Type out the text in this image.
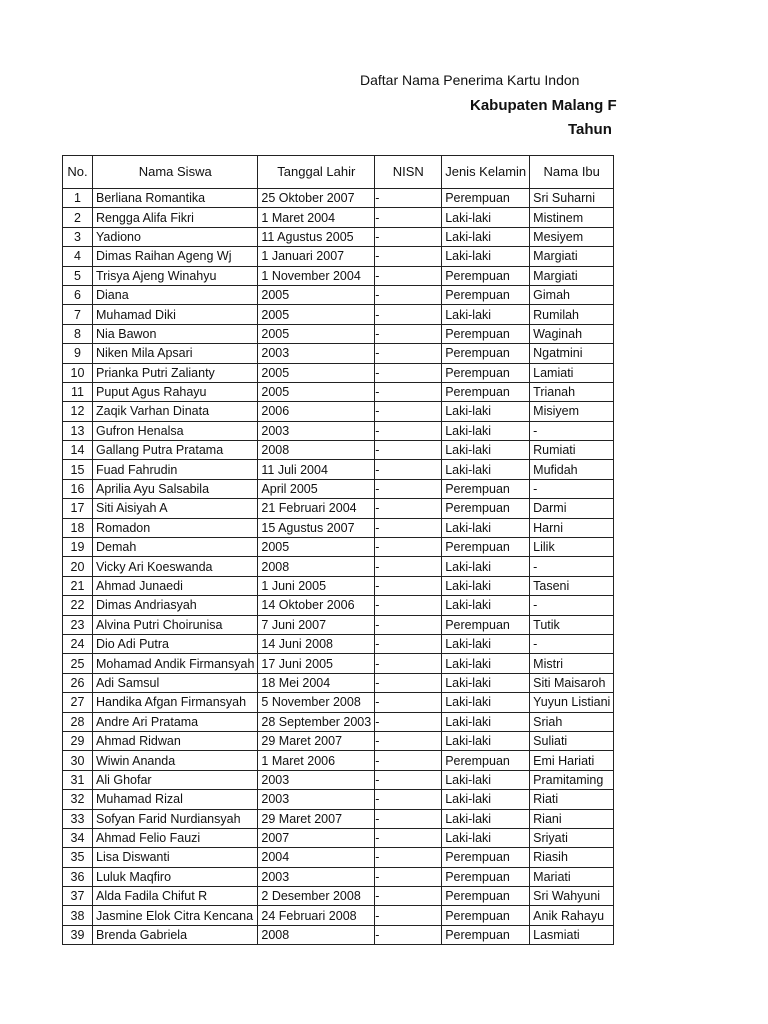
Daftar Nama Penerima Kartu Indon
Kabupaten Malang F
Tahun
No.	Nama Siswa	Tanggal Lahir	NISN	Jenis Kelamin	Nama Ibu
1	Berliana Romantika	25 Oktober 2007	-	Perempuan	Sri Suharni
2	Rengga Alifa Fikri	1 Maret 2004	-	Laki-laki	Mistinem
3	Yadiono	11 Agustus 2005	-	Laki-laki	Mesiyem
4	Dimas Raihan Ageng Wj	1 Januari 2007	-	Laki-laki	Margiati
5	Trisya Ajeng Winahyu	1 November 2004	-	Perempuan	Margiati
6	Diana	2005	-	Perempuan	Gimah
7	Muhamad Diki	2005	-	Laki-laki	Rumilah
8	Nia Bawon	2005	-	Perempuan	Waginah
9	Niken Mila Apsari	2003	-	Perempuan	Ngatmini
10	Prianka Putri Zalianty	2005	-	Perempuan	Lamiati
11	Puput Agus Rahayu	2005	-	Perempuan	Trianah
12	Zaqik Varhan Dinata	2006	-	Laki-laki	Misiyem
13	Gufron Henalsa	2003	-	Laki-laki	-
14	Gallang Putra Pratama	2008	-	Laki-laki	Rumiati
15	Fuad Fahrudin	11 Juli 2004	-	Laki-laki	Mufidah
16	Aprilia Ayu Salsabila	April 2005	-	Perempuan	-
17	Siti Aisiyah A	21 Februari 2004	-	Perempuan	Darmi
18	Romadon	15 Agustus 2007	-	Laki-laki	Harni
19	Demah	2005	-	Perempuan	Lilik
20	Vicky Ari Koeswanda	2008	-	Laki-laki	-
21	Ahmad Junaedi	1 Juni 2005	-	Laki-laki	Taseni
22	Dimas Andriasyah	14 Oktober 2006	-	Laki-laki	-
23	Alvina Putri Choirunisa	7 Juni 2007	-	Perempuan	Tutik
24	Dio Adi Putra	14 Juni 2008	-	Laki-laki	-
25	Mohamad Andik Firmansyah	17 Juni 2005	-	Laki-laki	Mistri
26	Adi Samsul	18 Mei 2004	-	Laki-laki	Siti Maisaroh
27	Handika Afgan Firmansyah	5 November 2008	-	Laki-laki	Yuyun Listiani
28	Andre Ari Pratama	28 September 2003	-	Laki-laki	Sriah
29	Ahmad Ridwan	29 Maret 2007	-	Laki-laki	Suliati
30	Wiwin Ananda	1 Maret 2006	-	Perempuan	Emi Hariati
31	Ali Ghofar	2003	-	Laki-laki	Pramitaming
32	Muhamad Rizal	2003	-	Laki-laki	Riati
33	Sofyan Farid Nurdiansyah	29 Maret 2007	-	Laki-laki	Riani
34	Ahmad Felio Fauzi	2007	-	Laki-laki	Sriyati
35	Lisa Diswanti	2004	-	Perempuan	Riasih
36	Luluk Maqfiro	2003	-	Perempuan	Mariati
37	Alda Fadila Chifut R	2 Desember 2008	-	Perempuan	Sri Wahyuni
38	Jasmine Elok Citra Kencana	24 Februari 2008	-	Perempuan	Anik Rahayu
39	Brenda Gabriela	2008	-	Perempuan	Lasmiati
